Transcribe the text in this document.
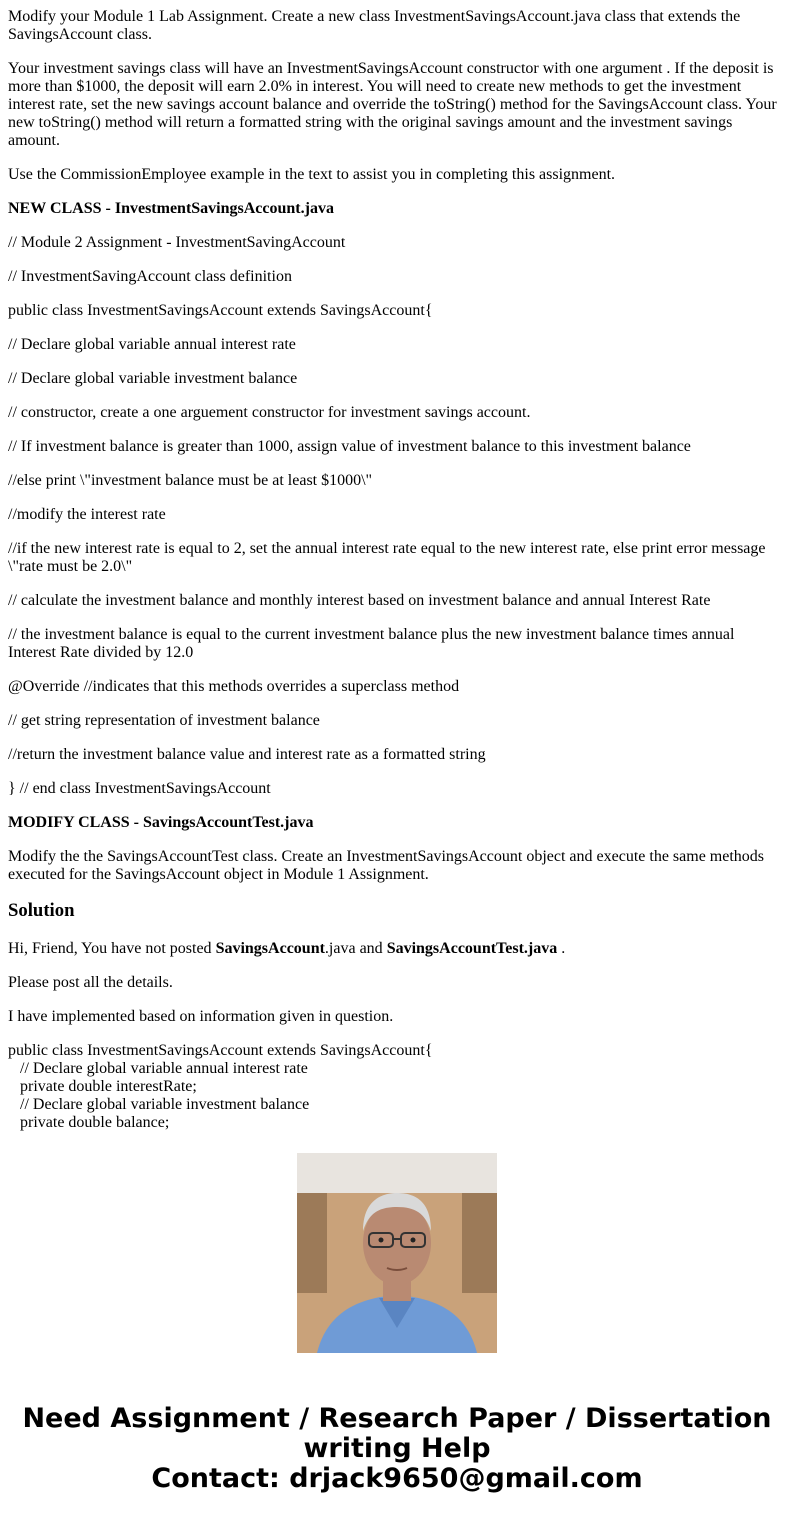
Modify your Module 1 Lab Assignment. Create a new class InvestmentSavingsAccount.java class that extends the SavingsAccount class.

Your investment savings class will have an InvestmentSavingsAccount constructor with one argument . If the deposit is more than $1000, the deposit will earn 2.0% in interest. You will need to create new methods to get the investment interest rate, set the new savings account balance and override the toString() method for the SavingsAccount class. Your new toString() method will return a formatted string with the original savings amount and the investment savings amount.

Use the CommissionEmployee example in the text to assist you in completing this assignment.

NEW CLASS - InvestmentSavingsAccount.java

// Module 2 Assignment - InvestmentSavingAccount

// InvestmentSavingAccount class definition

public class InvestmentSavingsAccount extends SavingsAccount{

// Declare global variable annual interest rate

// Declare global variable investment balance

// constructor, create a one arguement constructor for investment savings account.

// If investment balance is greater than 1000, assign value of investment balance to this investment balance

//else print \"investment balance must be at least $1000\"

//modify the interest rate

//if the new interest rate is equal to 2, set the annual interest rate equal to the new interest rate, else print error message \"rate must be 2.0\"

// calculate the investment balance and monthly interest based on investment balance and annual Interest Rate

// the investment balance is equal to the current investment balance plus the new investment balance times annual Interest Rate divided by 12.0

@Override //indicates that this methods overrides a superclass method

// get string representation of investment balance

//return the investment balance value and interest rate as a formatted string

} // end class InvestmentSavingsAccount

MODIFY CLASS - SavingsAccountTest.java

Modify the the SavingsAccountTest class. Create an InvestmentSavingsAccount object and execute the same methods executed for the SavingsAccount object in Module 1 Assignment.

Solution

Hi, Friend, You have not posted SavingsAccount.java and SavingsAccountTest.java .

Please post all the details.

I have implemented based on information given in question.

public class InvestmentSavingsAccount extends SavingsAccount{
// Declare global variable annual interest rate
private double interestRate;
// Declare global variable investment balance
private double balance;
Need Assignment / Research Paper / Dissertation
writing Help
Contact: drjack9650@gmail.com
